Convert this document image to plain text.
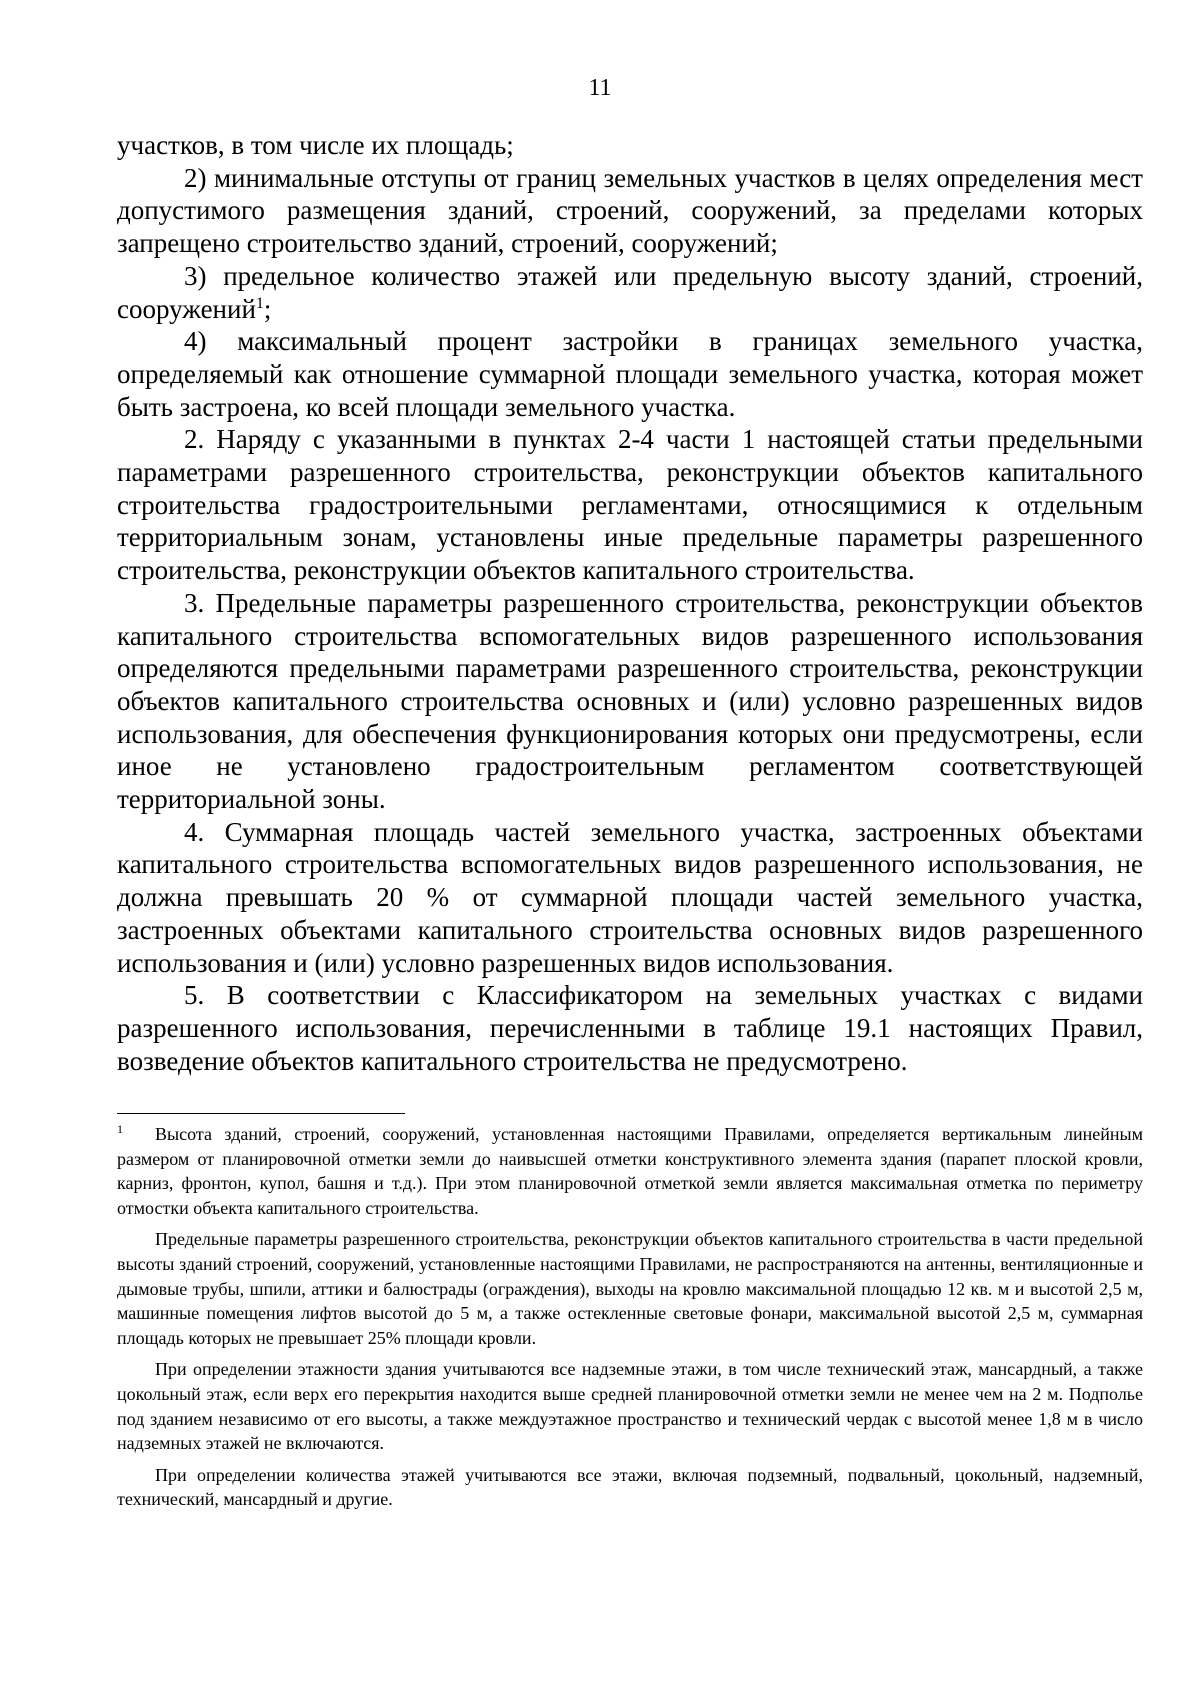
11

участков, в том числе их площадь;

2) минимальные отступы от границ земельных участков в целях определения мест допустимого размещения зданий, строений, сооружений, за пределами которых запрещено строительство зданий, строений, сооружений;

3) предельное количество этажей или предельную высоту зданий, строений, сооружений$^1$;

4) максимальный процент застройки в границах земельного участка, определяемый как отношение суммарной площади земельного участка, которая может быть застроена, ко всей площади земельного участка.

2. Наряду с указанными в пунктах 2-4 части 1 настоящей статьи предельными параметрами разрешенного строительства, реконструкции объектов капитального строительства градостроительными регламентами, относящимися к отдельным территориальным зонам, установлены иные предельные параметры разрешенного строительства, реконструкции объектов капитального строительства.

3. Предельные параметры разрешенного строительства, реконструкции объектов капитального строительства вспомогательных видов разрешенного использования определяются предельными параметрами разрешенного строительства, реконструкции объектов капитального строительства основных и (или) условно разрешенных видов использования, для обеспечения функционирования которых они предусмотрены, если иное не установлено градостроительным регламентом соответствующей территориальной зоны.

4. Суммарная площадь частей земельного участка, застроенных объектами капитального строительства вспомогательных видов разрешенного использования, не должна превышать 20 % от суммарной площади частей земельного участка, застроенных объектами капитального строительства основных видов разрешенного использования и (или) условно разрешенных видов использования.

5. В соответствии с Классификатором на земельных участках с видами разрешенного использования, перечисленными в таблице 19.1 настоящих Правил, возведение объектов капитального строительства не предусмотрено.

1 Высота зданий, строений, сооружений, установленная настоящими Правилами, определяется вертикальным линейным размером от планировочной отметки земли до наивысшей отметки конструктивного элемента здания (парапет плоской кровли, карниз, фронтон, купол, башня и т.д.). При этом планировочной отметкой земли является максимальная отметка по периметру отмостки объекта капитального строительства.

Предельные параметры разрешенного строительства, реконструкции объектов капитального строительства в части предельной высоты зданий строений, сооружений, установленные настоящими Правилами, не распространяются на антенны, вентиляционные и дымовые трубы, шпили, аттики и балюстрады (ограждения), выходы на кровлю максимальной площадью 12 кв. м и высотой 2,5 м, машинные помещения лифтов высотой до 5 м, а также остекленные световые фонари, максимальной высотой 2,5 м, суммарная площадь которых не превышает 25% площади кровли.

При определении этажности здания учитываются все надземные этажи, в том числе технический этаж, мансардный, а также цокольный этаж, если верх его перекрытия находится выше средней планировочной отметки земли не менее чем на 2 м. Подполье под зданием независимо от его высоты, а также междуэтажное пространство и технический чердак с высотой менее 1,8 м в число надземных этажей не включаются.

При определении количества этажей учитываются все этажи, включая подземный, подвальный, цокольный, надземный, технический, мансардный и другие.
